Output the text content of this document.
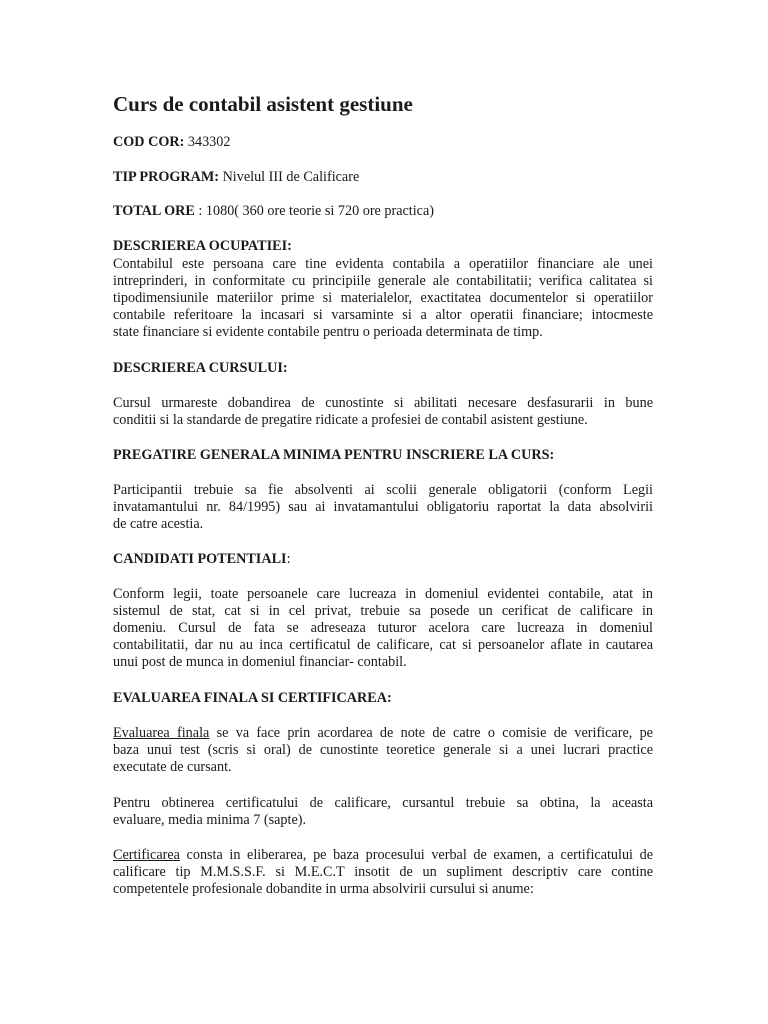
Curs de contabil asistent gestiune
COD COR: 343302
TIP PROGRAM: Nivelul III de Calificare
TOTAL ORE : 1080( 360 ore teorie si 720 ore practica)
DESCRIEREA OCUPATIEI:
Contabilul este persoana care tine evidenta contabila a operatiilor financiare ale unei
intreprinderi, in conformitate cu principiile generale ale contabilitatii; verifica calitatea si
tipodimensiunile materiilor prime si materialelor, exactitatea documentelor si operatiilor
contabile referitoare la incasari si varsaminte si a altor operatii financiare; intocmeste
state financiare si evidente contabile pentru o perioada determinata de timp.
DESCRIEREA CURSULUI:
Cursul urmareste dobandirea de cunostinte si abilitati necesare desfasurarii in bune
conditii si la standarde de pregatire ridicate a profesiei de contabil asistent gestiune.
PREGATIRE GENERALA MINIMA PENTRU INSCRIERE LA CURS:
Participantii trebuie sa fie absolventi ai scolii generale obligatorii (conform Legii
invatamantului nr. 84/1995) sau ai invatamantului obligatoriu raportat la data absolvirii
de catre acestia.
CANDIDATI POTENTIALI:
Conform legii, toate persoanele care lucreaza in domeniul evidentei contabile, atat in
sistemul de stat, cat si in cel privat, trebuie sa posede un cerificat de calificare in
domeniu. Cursul de fata se adreseaza tuturor acelora care lucreaza in domeniul
contabilitatii, dar nu au inca certificatul de calificare, cat si persoanelor aflate in cautarea
unui post de munca in domeniul financiar- contabil.
EVALUAREA FINALA SI CERTIFICAREA:
Evaluarea finala se va face prin acordarea de note de catre o comisie de verificare, pe
baza unui test (scris si oral) de cunostinte teoretice generale si a unei lucrari practice
executate de cursant.
Pentru obtinerea certificatului de calificare, cursantul trebuie sa obtina, la aceasta
evaluare, media minima 7 (sapte).
Certificarea consta in eliberarea, pe baza procesului verbal de examen, a certificatului de
calificare tip M.M.S.S.F. si M.E.C.T insotit de un supliment descriptiv care contine
competentele profesionale dobandite in urma absolvirii cursului si anume:
